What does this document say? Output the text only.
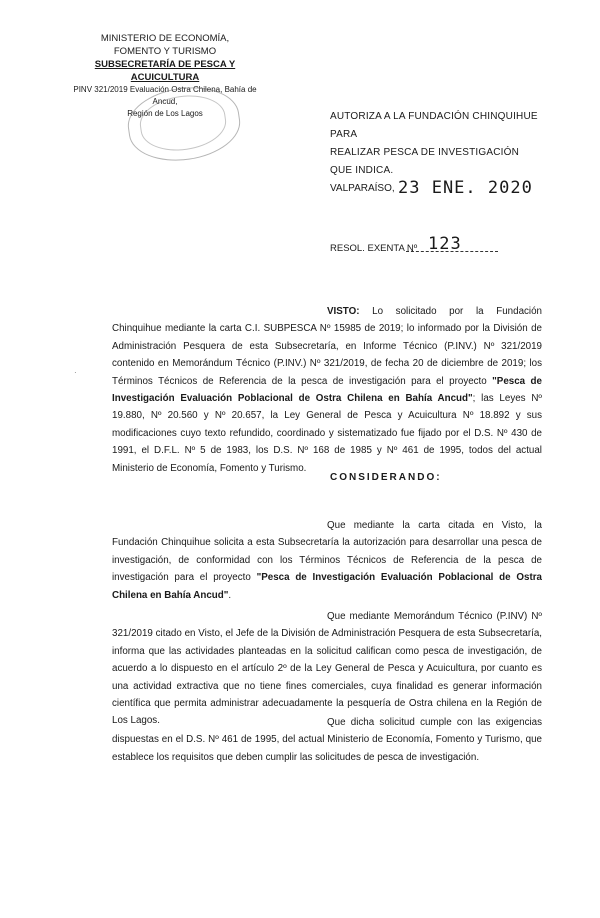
MINISTERIO DE ECONOMÍA,
FOMENTO Y TURISMO
SUBSECRETARÍA DE PESCA Y ACUICULTURA
PINV 321/2019 Evaluación Ostra Chilena, Bahía de Ancud,
Región de Los Lagos	AUTORIZA A LA FUNDACIÓN CHINQUIHUE PARA
REALIZAR PESCA DE INVESTIGACIÓN QUE INDICA.
VALPARAÍSO, 23 ENE. 2020
RESOL. EXENTA Nº 123
·
VISTO: Lo solicitado por la Fundación Chinquihue mediante la carta C.I. SUBPESCA Nº 15985 de 2019; lo informado por la División de Administración Pesquera de esta Subsecretaría, en Informe Técnico (P.INV.) Nº 321/2019 contenido en Memorándum Técnico (P.INV.) Nº 321/2019, de fecha 20 de diciembre de 2019; los Términos Técnicos de Referencia de la pesca de investigación para el proyecto "Pesca de Investigación Evaluación Poblacional de Ostra Chilena en Bahía Ancud"; las Leyes Nº 19.880, Nº 20.560 y Nº 20.657, la Ley General de Pesca y Acuicultura Nº 18.892 y sus modificaciones cuyo texto refundido, coordinado y sistematizado fue fijado por el D.S. Nº 430 de 1991, el D.F.L. Nº 5 de 1983, los D.S. Nº 168 de 1985 y Nº 461 de 1995, todos del actual Ministerio de Economía, Fomento y Turismo.
CONSIDERANDO:
Que mediante la carta citada en Visto, la Fundación Chinquihue solicita a esta Subsecretaría la autorización para desarrollar una pesca de investigación, de conformidad con los Términos Técnicos de Referencia de la pesca de investigación para el proyecto "Pesca de Investigación Evaluación Poblacional de Ostra Chilena en Bahía Ancud".
Que mediante Memorándum Técnico (P.INV) Nº 321/2019 citado en Visto, el Jefe de la División de Administración Pesquera de esta Subsecretaría, informa que las actividades planteadas en la solicitud califican como pesca de investigación, de acuerdo a lo dispuesto en el artículo 2º de la Ley General de Pesca y Acuicultura, por cuanto es una actividad extractiva que no tiene fines comerciales, cuya finalidad es generar información científica que permita administrar adecuadamente la pesquería de Ostra chilena en la Región de Los Lagos.	Que dicha solicitud cumple con las exigencias dispuestas en el D.S. Nº 461 de 1995, del actual Ministerio de Economía, Fomento y Turismo, que establece los requisitos que deben cumplir las solicitudes de pesca de investigación.
